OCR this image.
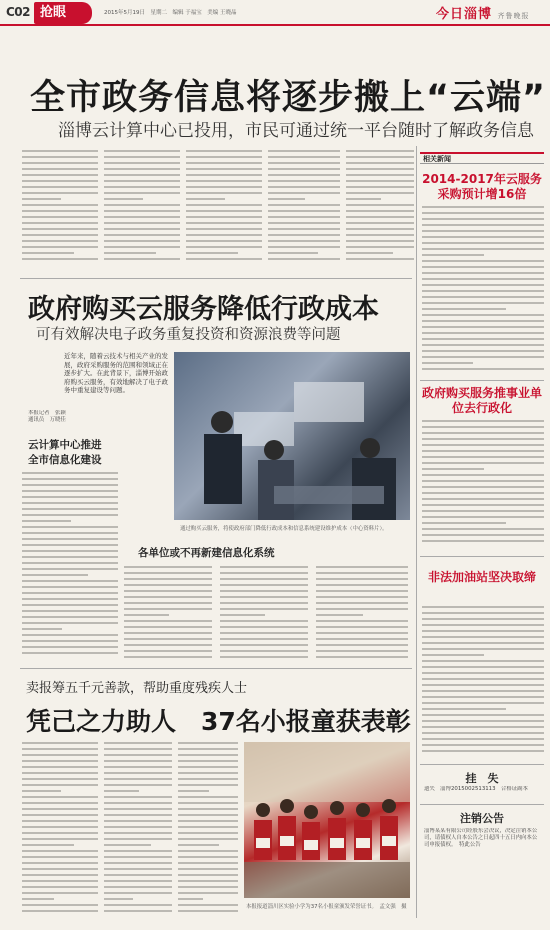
C02 抢眼	2015年5月19日　星期二　编辑 于福宝　美编 王晓晶	今日淄博 齐鲁晚报
全市政务信息将逐步搬上“云端”
淄博云计算中心已投用，市民可通过统一平台随时了解政务信息
政府购买云服务降低行政成本
可有效解决电子政务重复投资和资源浪费等问题
近年来，随着云技术与相关产业的发展，政府采购服务的范围和领域正在逐步扩大。在此背景下，淄博开始政府购买云服务，有效地解决了电子政务中重复建设等问题。
本报记者　张颖
通讯员　万晓佳
云计算中心推进
全市信息化建设
通过购买云服务，将使政府部门降低行政成本和信息系统建设维护成本（中心资料片）。
各单位或不再新建信息化系统
卖报筹五千元善款，帮助重度残疾人士
凭己之力助人　37名小报童获表彰
本报报道淄川区实验小学为37名小报童颁发荣誉证书。　孟文强　摄
相关新闻
2014-2017年云服务采购预计增16倍
政府购买服务推事业单位去行政化
非法加油站坚决取缔
挂　失
遗失　淄博2015002513113　合格证副本
注销公告
淄博某某有限公司经股东会决议，决定注销本公司，请债权人自本公告之日起四十五日内向本公司申报债权。　特此公告
